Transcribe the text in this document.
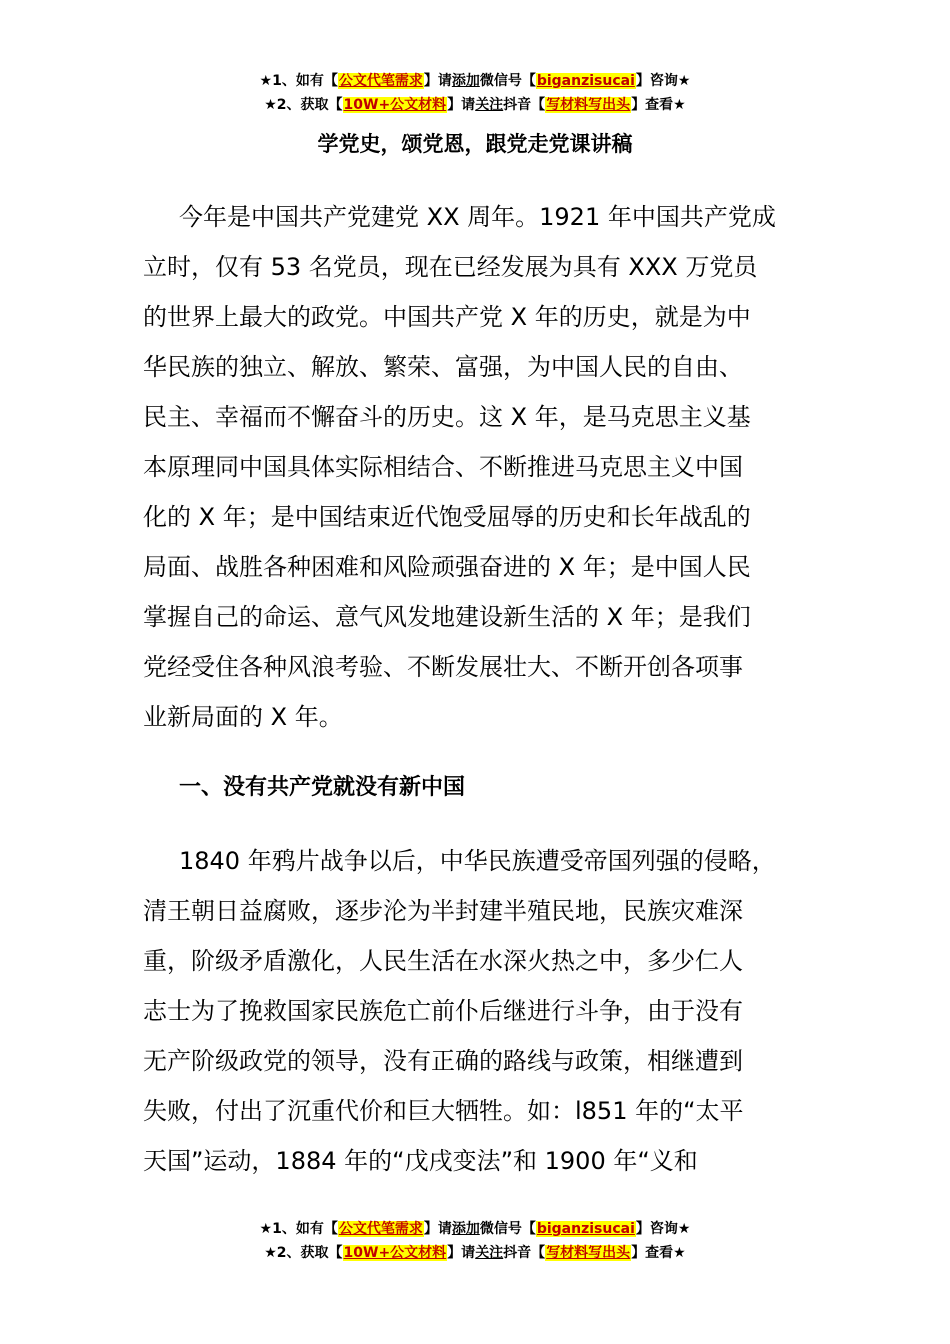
★1、如有【公文代笔需求】请添加微信号【biganzisucai】咨询★
★2、获取【10W+公文材料】请关注抖音【写材料写出头】查看★
学党史，颂党恩，跟党走党课讲稿
今年是中国共产党建党 XX 周年。1921 年中国共产党成
立时，仅有 53 名党员，现在已经发展为具有 XXX 万党员
的世界上最大的政党。中国共产党 X 年的历史，就是为中
华民族的独立、解放、繁荣、富强，为中国人民的自由、
民主、幸福而不懈奋斗的历史。这 X 年，是马克思主义基
本原理同中国具体实际相结合、不断推进马克思主义中国
化的 X 年；是中国结束近代饱受屈辱的历史和长年战乱的
局面、战胜各种困难和风险顽强奋进的 X 年；是中国人民
掌握自己的命运、意气风发地建设新生活的 X 年；是我们
党经受住各种风浪考验、不断发展壮大、不断开创各项事
业新局面的 X 年。
一、没有共产党就没有新中国
1840 年鸦片战争以后，中华民族遭受帝国列强的侵略，
清王朝日益腐败，逐步沦为半封建半殖民地，民族灾难深
重，阶级矛盾激化，人民生活在水深火热之中，多少仁人
志士为了挽救国家民族危亡前仆后继进行斗争，由于没有
无产阶级政党的领导，没有正确的路线与政策，相继遭到
失败，付出了沉重代价和巨大牺牲。如：l851 年的“太平
天国”运动，1884 年的“戊戌变法”和 1900 年“义和
★1、如有【公文代笔需求】请添加微信号【biganzisucai】咨询★
★2、获取【10W+公文材料】请关注抖音【写材料写出头】查看★
